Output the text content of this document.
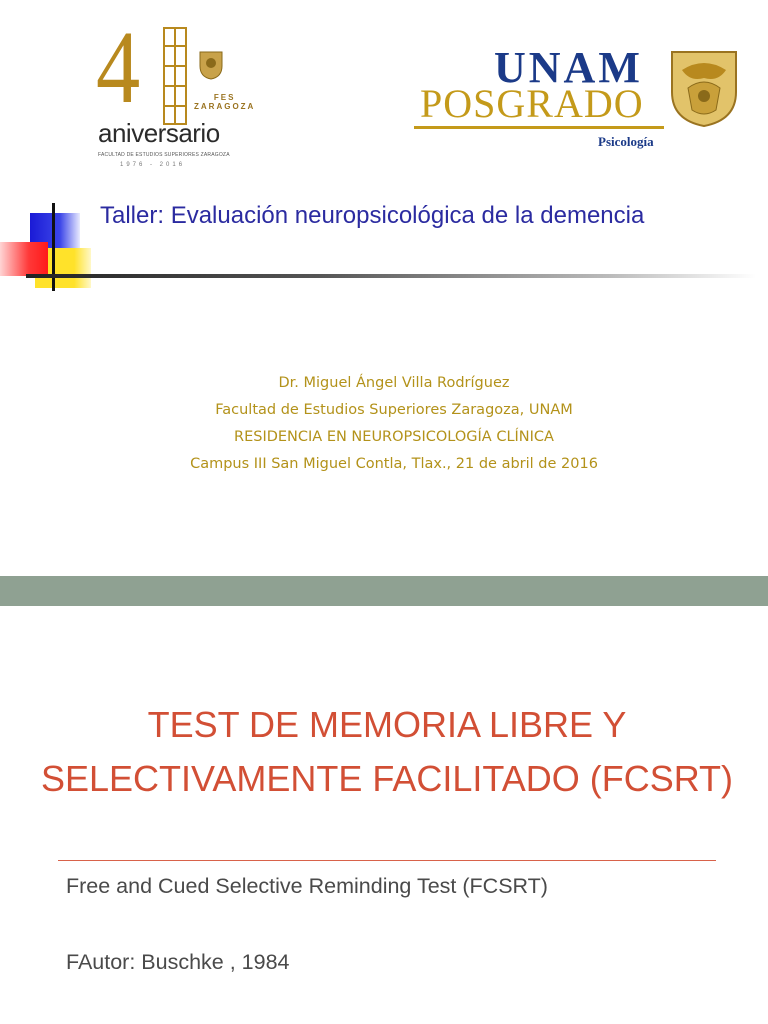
4	FES
ZARAGOZA
aniversario
FACULTAD DE ESTUDIOS SUPERIORES ZARAGOZA
1976 - 2016
UNAM
POSGRADO
Psicología
Taller: Evaluación neuropsicológica de la demencia
Dr. Miguel Ángel Villa Rodríguez
Facultad de Estudios Superiores Zaragoza, UNAM
RESIDENCIA EN NEUROPSICOLOGÍA CLÍNICA
Campus III San Miguel Contla, Tlax., 21 de abril de 2016
TEST DE MEMORIA LIBRE Y SELECTIVAMENTE FACILITADO (FCSRT)
Free and Cued Selective Reminding Test (FCSRT)
FAutor: Buschke , 1984
